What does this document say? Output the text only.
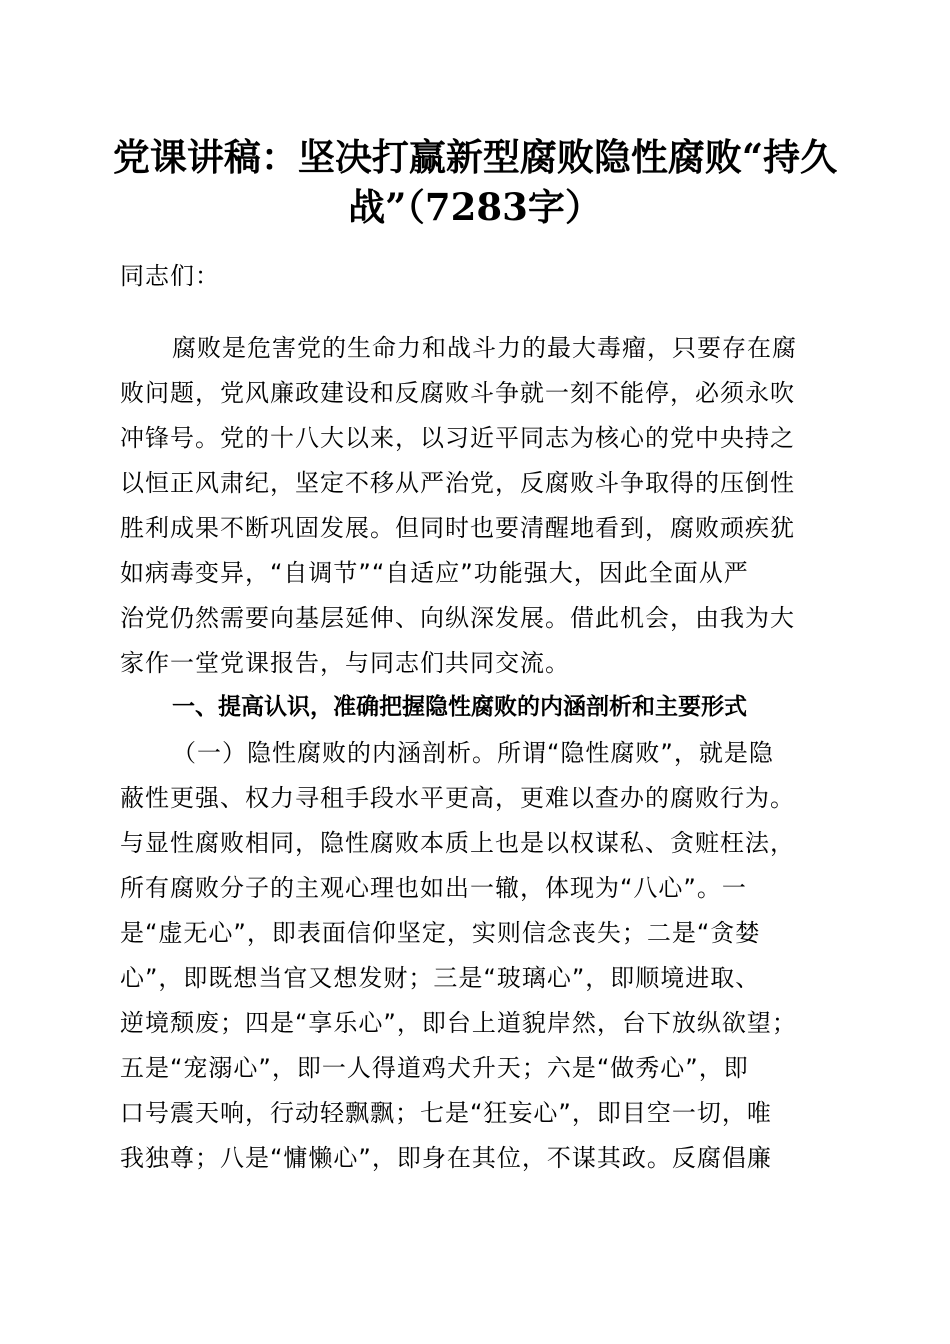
党课讲稿：坚决打赢新型腐败隐性腐败“持久
战”（7283字）
同志们：
腐败是危害党的生命力和战斗力的最大毒瘤，只要存在腐
败问题，党风廉政建设和反腐败斗争就一刻不能停，必须永吹
冲锋号。党的十八大以来，以习近平同志为核心的党中央持之
以恒正风肃纪，坚定不移从严治党，反腐败斗争取得的压倒性
胜利成果不断巩固发展。但同时也要清醒地看到，腐败顽疾犹
如病毒变异，“自调节”“自适应”功能强大，因此全面从严
治党仍然需要向基层延伸、向纵深发展。借此机会，由我为大
家作一堂党课报告，与同志们共同交流。
一、提高认识，准确把握隐性腐败的内涵剖析和主要形式
（一）隐性腐败的内涵剖析。所谓“隐性腐败”，就是隐
蔽性更强、权力寻租手段水平更高，更难以查办的腐败行为。
与显性腐败相同，隐性腐败本质上也是以权谋私、贪赃枉法，
所有腐败分子的主观心理也如出一辙，体现为“八心”。一
是“虚无心”，即表面信仰坚定，实则信念丧失；二是“贪婪
心”，即既想当官又想发财；三是“玻璃心”，即顺境进取、
逆境颓废；四是“享乐心”，即台上道貌岸然，台下放纵欲望；
五是“宠溺心”，即一人得道鸡犬升天；六是“做秀心”，即
口号震天响，行动轻飘飘；七是“狂妄心”，即目空一切，唯
我独尊；八是“慵懒心”，即身在其位，不谋其政。反腐倡廉
